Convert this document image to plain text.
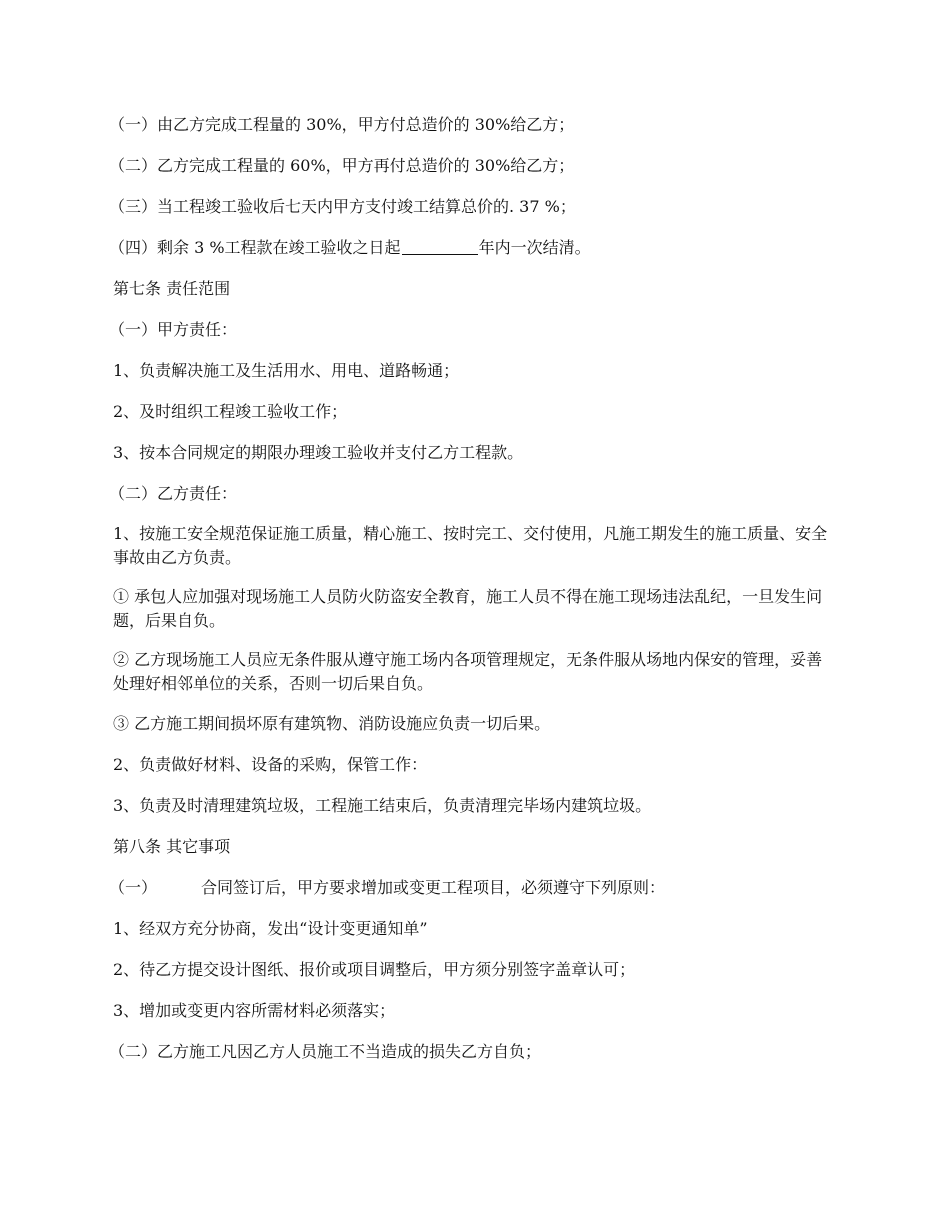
（一）由乙方完成工程量的 30%，甲方付总造价的 30%给乙方；

（二）乙方完成工程量的 60%，甲方再付总造价的 30%给乙方；

（三）当工程竣工验收后七天内甲方支付竣工结算总价的. 37 %；

（四）剩余 3 %工程款在竣工验收之日起	年内一次结清。

第七条 责任范围

（一）甲方责任：

1、负责解决施工及生活用水、用电、道路畅通；

2、及时组织工程竣工验收工作；

3、按本合同规定的期限办理竣工验收并支付乙方工程款。

（二）乙方责任：

1、按施工安全规范保证施工质量，精心施工、按时完工、交付使用，凡施工期发生的施工质量、安全事故由乙方负责。

① 承包人应加强对现场施工人员防火防盗安全教育，施工人员不得在施工现场违法乱纪，一旦发生问题，后果自负。

② 乙方现场施工人员应无条件服从遵守施工场内各项管理规定，无条件服从场地内保安的管理，妥善处理好相邻单位的关系，否则一切后果自负。

③ 乙方施工期间损坏原有建筑物、消防设施应负责一切后果。

2、负责做好材料、设备的采购，保管工作：

3、负责及时清理建筑垃圾，工程施工结束后，负责清理完毕场内建筑垃圾。

第八条 其它事项

（一）	合同签订后，甲方要求增加或变更工程项目，必须遵守下列原则：

1、经双方充分协商，发出“设计变更通知单”

2、待乙方提交设计图纸、报价或项目调整后，甲方须分别签字盖章认可；

3、增加或变更内容所需材料必须落实；

（二）乙方施工凡因乙方人员施工不当造成的损失乙方自负；
